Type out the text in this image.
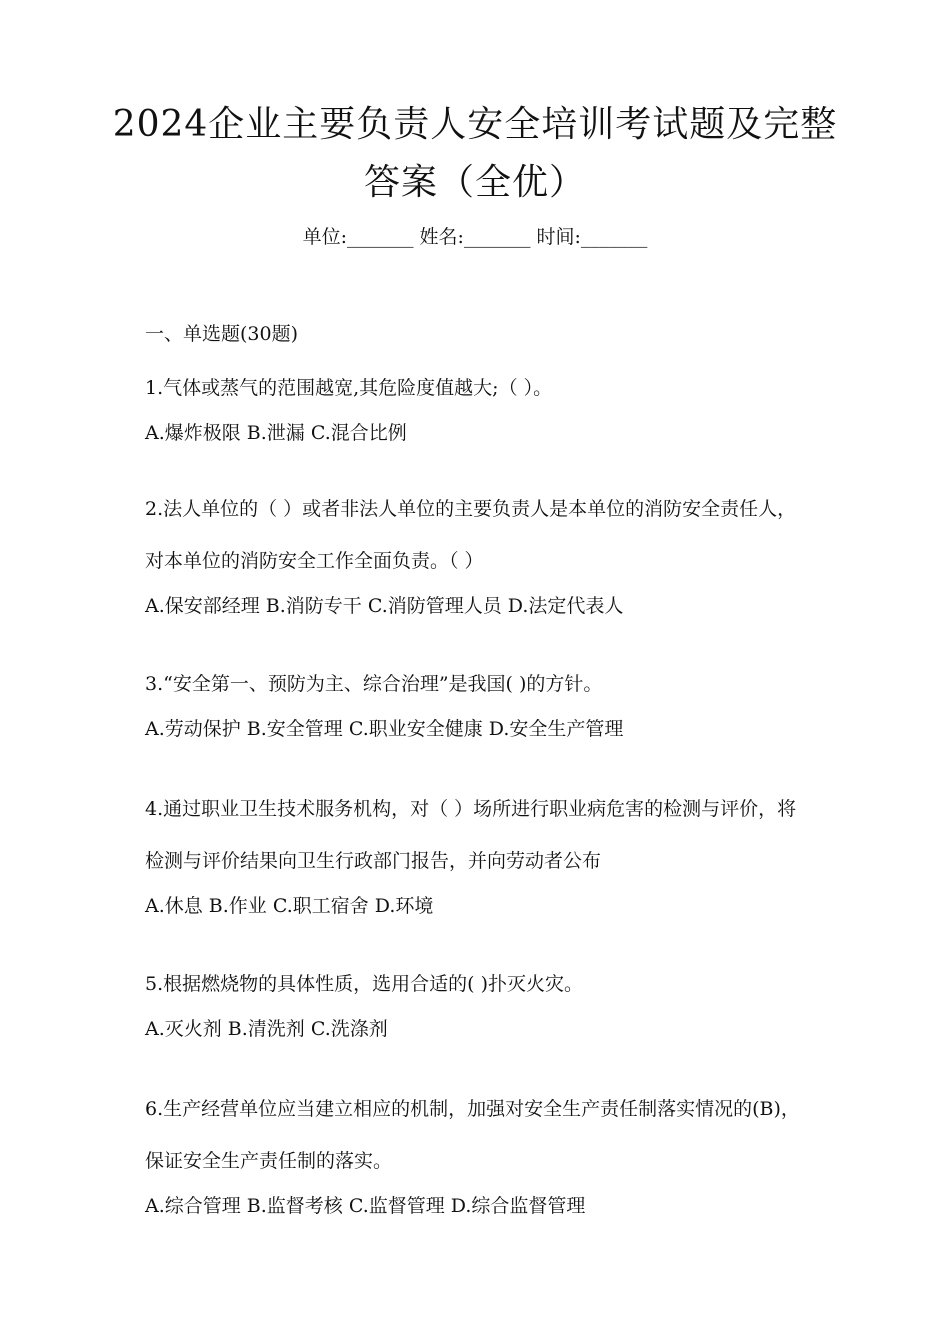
2024企业主要负责人安全培训考试题及完整答案（全优）
单位:_______ 姓名:_______ 时间:_______
一、单选题(30题)
1.气体或蒸气的范围越宽,其危险度值越大;（ ）。
A.爆炸极限 B.泄漏 C.混合比例
2.法人单位的（ ）或者非法人单位的主要负责人是本单位的消防安全责任人，对本单位的消防安全工作全面负责。（ ）
A.保安部经理 B.消防专干 C.消防管理人员 D.法定代表人
3.“安全第一、预防为主、综合治理”是我国( )的方针。
A.劳动保护 B.安全管理 C.职业安全健康 D.安全生产管理
4.通过职业卫生技术服务机构，对（ ）场所进行职业病危害的检测与评价，将检测与评价结果向卫生行政部门报告，并向劳动者公布
A.休息 B.作业 C.职工宿舍 D.环境
5.根据燃烧物的具体性质，选用合适的( )扑灭火灾。
A.灭火剂 B.清洗剂 C.洗涤剂
6.生产经营单位应当建立相应的机制，加强对安全生产责任制落实情况的(B)，保证安全生产责任制的落实。
A.综合管理 B.监督考核 C.监督管理 D.综合监督管理
